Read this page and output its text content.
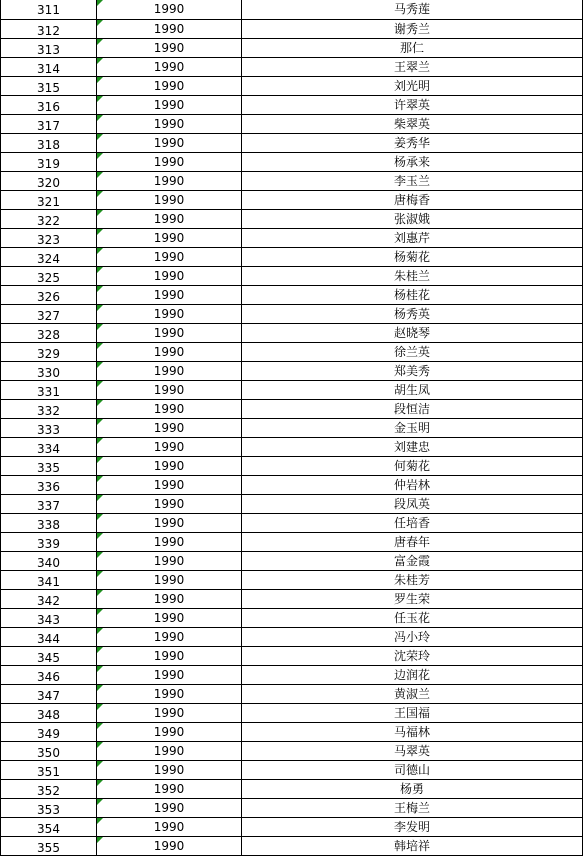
311	1990	马秀莲
312	1990	谢秀兰
313	1990	那仁
314	1990	王翠兰
315	1990	刘光明
316	1990	许翠英
317	1990	柴翠英
318	1990	姜秀华
319	1990	杨承来
320	1990	李玉兰
321	1990	唐梅香
322	1990	张淑娥
323	1990	刘惠芹
324	1990	杨菊花
325	1990	朱桂兰
326	1990	杨桂花
327	1990	杨秀英
328	1990	赵晓琴
329	1990	徐兰英
330	1990	郑美秀
331	1990	胡生凤
332	1990	段恒洁
333	1990	金玉明
334	1990	刘建忠
335	1990	何菊花
336	1990	仲岩林
337	1990	段凤英
338	1990	任培香
339	1990	唐春年
340	1990	富金霞
341	1990	朱桂芳
342	1990	罗生荣
343	1990	任玉花
344	1990	冯小玲
345	1990	沈荣玲
346	1990	边润花
347	1990	黄淑兰
348	1990	王国福
349	1990	马福林
350	1990	马翠英
351	1990	司德山
352	1990	杨勇
353	1990	王梅兰
354	1990	李发明
355	1990	韩培祥
